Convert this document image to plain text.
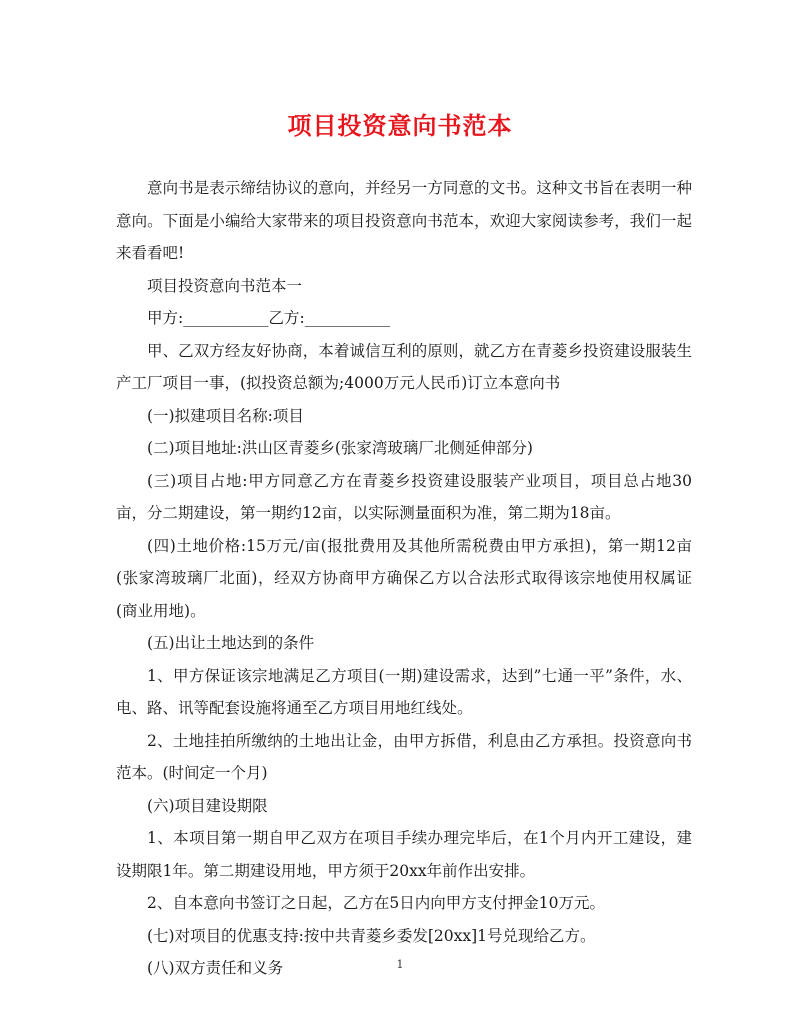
项目投资意向书范本

意向书是表示缔结协议的意向，并经另一方同意的文书。这种文书旨在表明一种意向。下面是小编给大家带来的项目投资意向书范本，欢迎大家阅读参考，我们一起来看看吧!

项目投资意向书范本一

甲方:___________乙方:___________

甲、乙双方经友好协商，本着诚信互利的原则，就乙方在青菱乡投资建设服装生产工厂项目一事，(拟投资总额为;4000万元人民币)订立本意向书

(一)拟建项目名称:项目

(二)项目地址:洪山区青菱乡(张家湾玻璃厂北侧延伸部分)

(三)项目占地:甲方同意乙方在青菱乡投资建设服装产业项目，项目总占地30亩，分二期建设，第一期约12亩，以实际测量面积为准，第二期为18亩。

(四)土地价格:15万元/亩(报批费用及其他所需税费由甲方承担)，第一期12亩(张家湾玻璃厂北面)，经双方协商甲方确保乙方以合法形式取得该宗地使用权属证(商业用地)。

(五)出让土地达到的条件

1、甲方保证该宗地满足乙方项目(一期)建设需求，达到”七通一平”条件，水、电、路、讯等配套设施将通至乙方项目用地红线处。

2、土地挂拍所缴纳的土地出让金，由甲方拆借，利息由乙方承担。投资意向书范本。(时间定一个月)

(六)项目建设期限

1、本项目第一期自甲乙双方在项目手续办理完毕后，在1个月内开工建设，建设期限1年。第二期建设用地，甲方须于20xx年前作出安排。

2、自本意向书签订之日起，乙方在5日内向甲方支付押金10万元。

(七)对项目的优惠支持:按中共青菱乡委发[20xx]1号兑现给乙方。

(八)双方责任和义务	1
